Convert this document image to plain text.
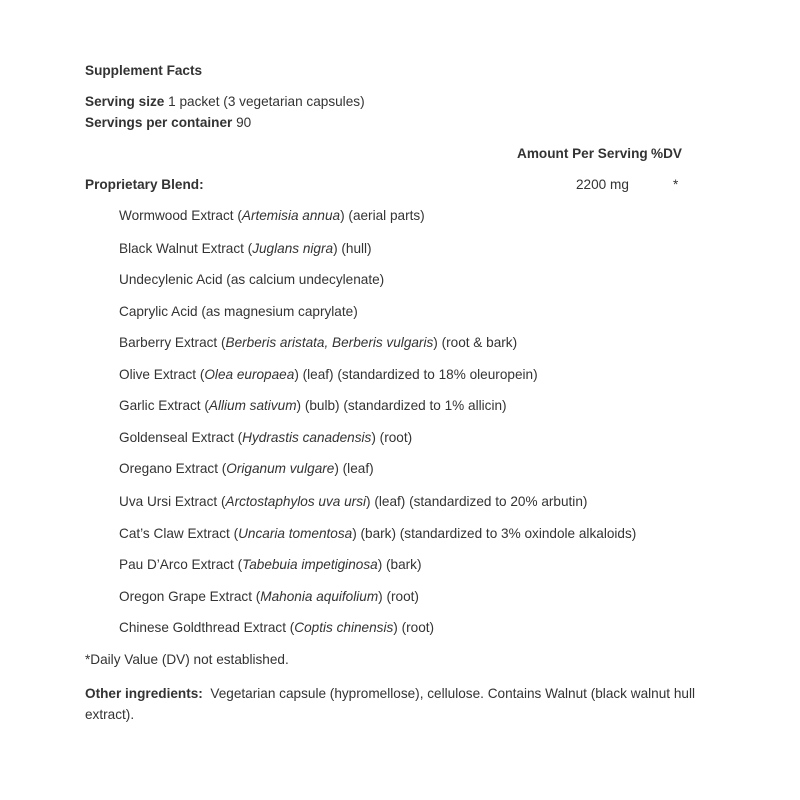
Supplement Facts
Serving size 1 packet (3 vegetarian capsules)
Servings per container 90
Amount Per Serving %DV
Proprietary Blend:	2200 mg	*
Wormwood Extract (Artemisia annua) (aerial parts)
Black Walnut Extract (Juglans nigra) (hull)
Undecylenic Acid (as calcium undecylenate)
Caprylic Acid (as magnesium caprylate)
Barberry Extract (Berberis aristata, Berberis vulgaris) (root & bark)
Olive Extract (Olea europaea) (leaf) (standardized to 18% oleuropein)
Garlic Extract (Allium sativum) (bulb) (standardized to 1% allicin)
Goldenseal Extract (Hydrastis canadensis) (root)
Oregano Extract (Origanum vulgare) (leaf)
Uva Ursi Extract (Arctostaphylos uva ursi) (leaf) (standardized to 20% arbutin)
Cat’s Claw Extract (Uncaria tomentosa) (bark) (standardized to 3% oxindole alkaloids)
Pau D’Arco Extract (Tabebuia impetiginosa) (bark)
Oregon Grape Extract (Mahonia aquifolium) (root)
Chinese Goldthread Extract (Coptis chinensis) (root)
*Daily Value (DV) not established.
Other ingredients: Vegetarian capsule (hypromellose), cellulose. Contains Walnut (black walnut hull extract).
